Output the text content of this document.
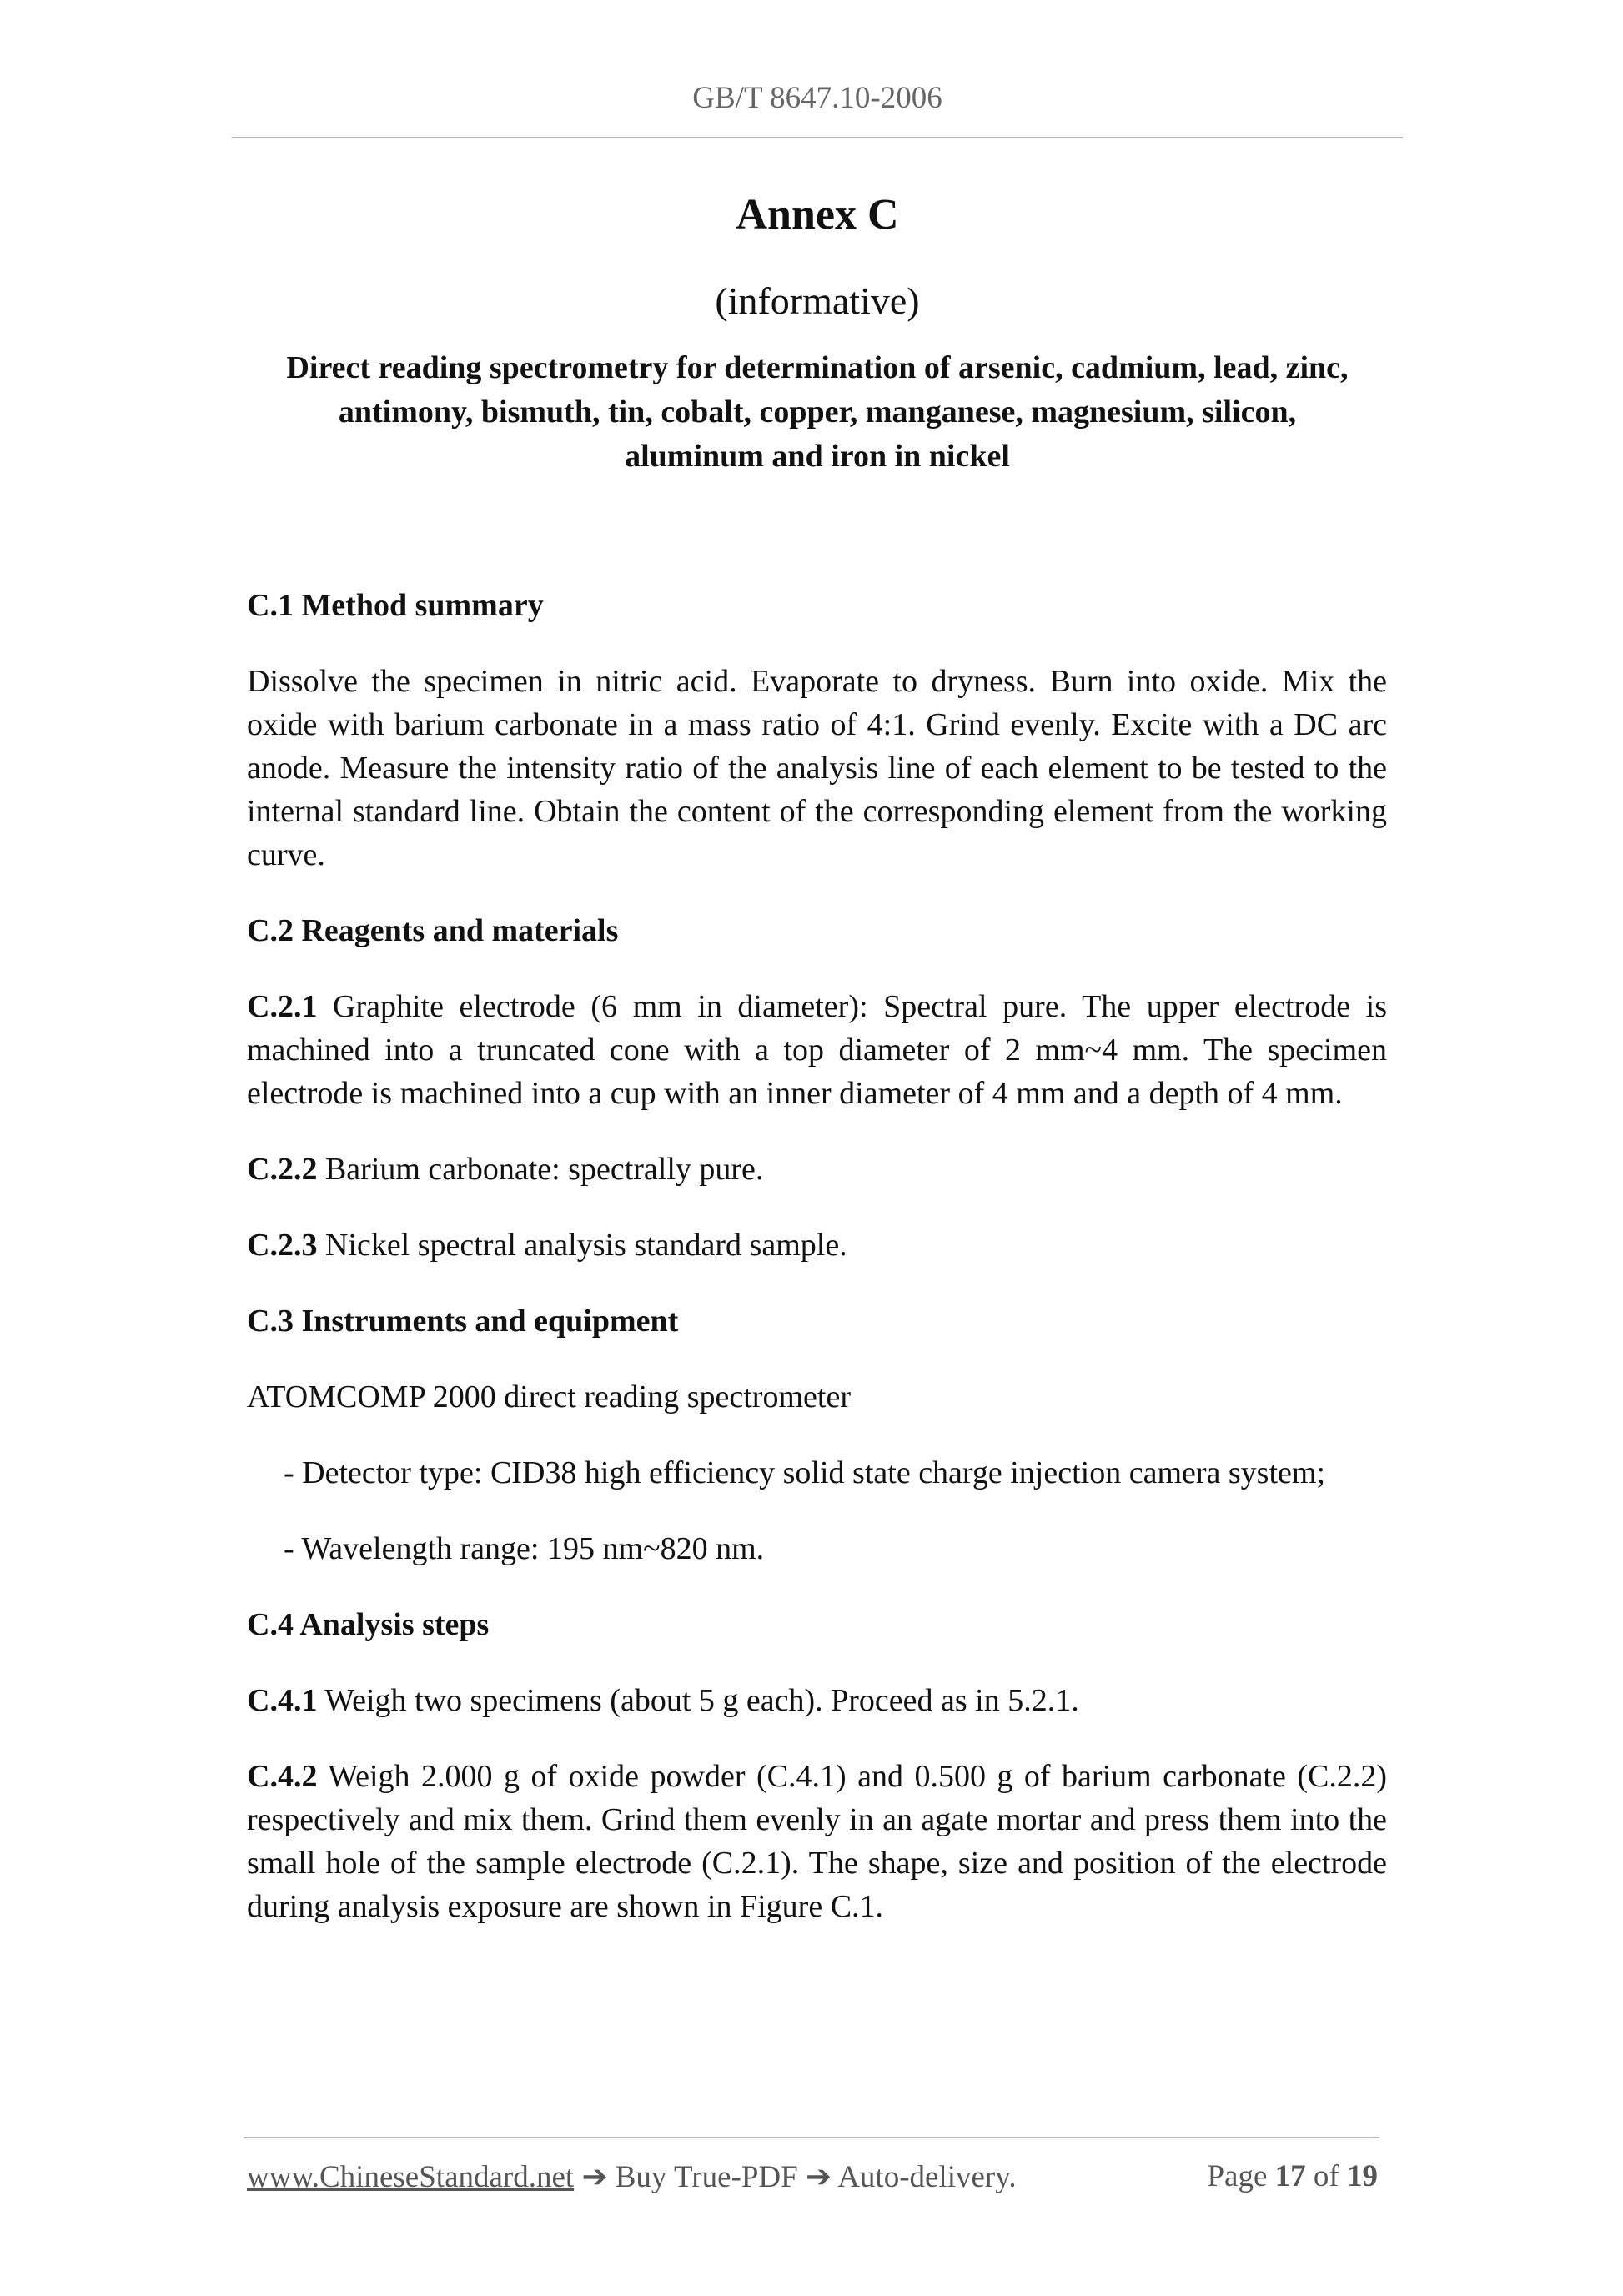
GB/T 8647.10-2006
Annex C
(informative)
Direct reading spectrometry for determination of arsenic, cadmium, lead, zinc,
antimony, bismuth, tin, cobalt, copper, manganese, magnesium, silicon,
aluminum and iron in nickel
C.1 Method summary

Dissolve the specimen in nitric acid. Evaporate to dryness. Burn into oxide. Mix the oxide with barium carbonate in a mass ratio of 4:1. Grind evenly. Excite with a DC arc anode. Measure the intensity ratio of the analysis line of each element to be tested to the internal standard line. Obtain the content of the corresponding element from the working curve.

C.2 Reagents and materials

C.2.1 Graphite electrode (6 mm in diameter): Spectral pure. The upper electrode is machined into a truncated cone with a top diameter of 2 mm~4 mm. The specimen electrode is machined into a cup with an inner diameter of 4 mm and a depth of 4 mm.

C.2.2 Barium carbonate: spectrally pure.

C.2.3 Nickel spectral analysis standard sample.

C.3 Instruments and equipment

ATOMCOMP 2000 direct reading spectrometer

- Detector type: CID38 high efficiency solid state charge injection camera system;

- Wavelength range: 195 nm~820 nm.

C.4 Analysis steps

C.4.1 Weigh two specimens (about 5 g each). Proceed as in 5.2.1.

C.4.2 Weigh 2.000 g of oxide powder (C.4.1) and 0.500 g of barium carbonate (C.2.2) respectively and mix them. Grind them evenly in an agate mortar and press them into the small hole of the sample electrode (C.2.1). The shape, size and position of the electrode during analysis exposure are shown in Figure C.1.

www.ChineseStandard.net ➔ Buy True-PDF ➔ Auto-delivery.	Page 17 of 19
